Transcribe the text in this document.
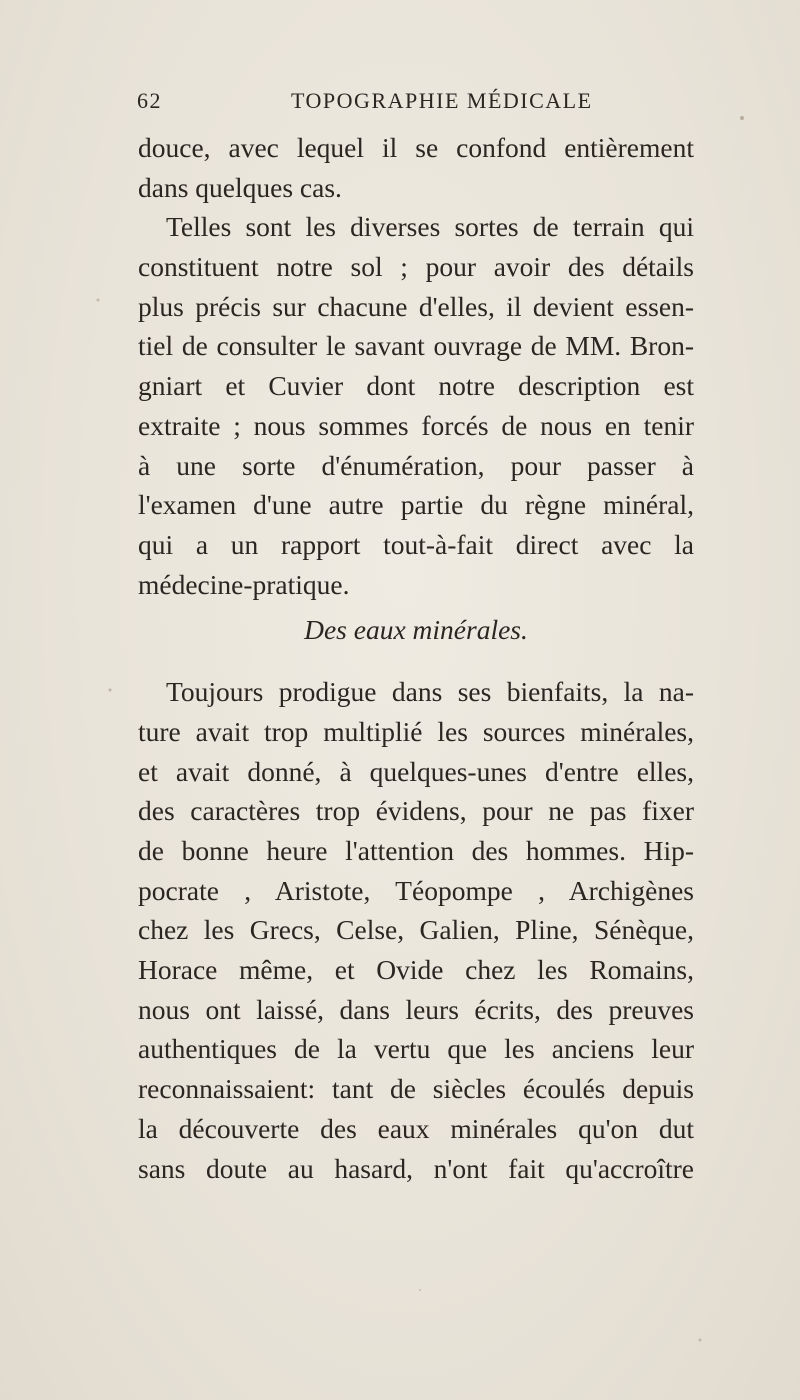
62	TOPOGRAPHIE MÉDICALE
douce, avec lequel il se confond entièrement
dans quelques cas.
Telles sont les diverses sortes de terrain qui
constituent notre sol ; pour avoir des détails
plus précis sur chacune d'elles, il devient essen-
tiel de consulter le savant ouvrage de MM. Bron-
gniart et Cuvier dont notre description est
extraite ; nous sommes forcés de nous en tenir
à une sorte d'énumération, pour passer à
l'examen d'une autre partie du règne minéral,
qui a un rapport tout-à-fait direct avec la
médecine-pratique.
Des eaux minérales.
Toujours prodigue dans ses bienfaits, la na-
ture avait trop multiplié les sources minérales,
et avait donné, à quelques-unes d'entre elles,
des caractères trop évidens, pour ne pas fixer
de bonne heure l'attention des hommes. Hip-
pocrate , Aristote, Téopompe , Archigènes
chez les Grecs, Celse, Galien, Pline, Sénèque,
Horace même, et Ovide chez les Romains,
nous ont laissé, dans leurs écrits, des preuves
authentiques de la vertu que les anciens leur
reconnaissaient: tant de siècles écoulés depuis
la découverte des eaux minérales qu'on dut
sans doute au hasard, n'ont fait qu'accroître
